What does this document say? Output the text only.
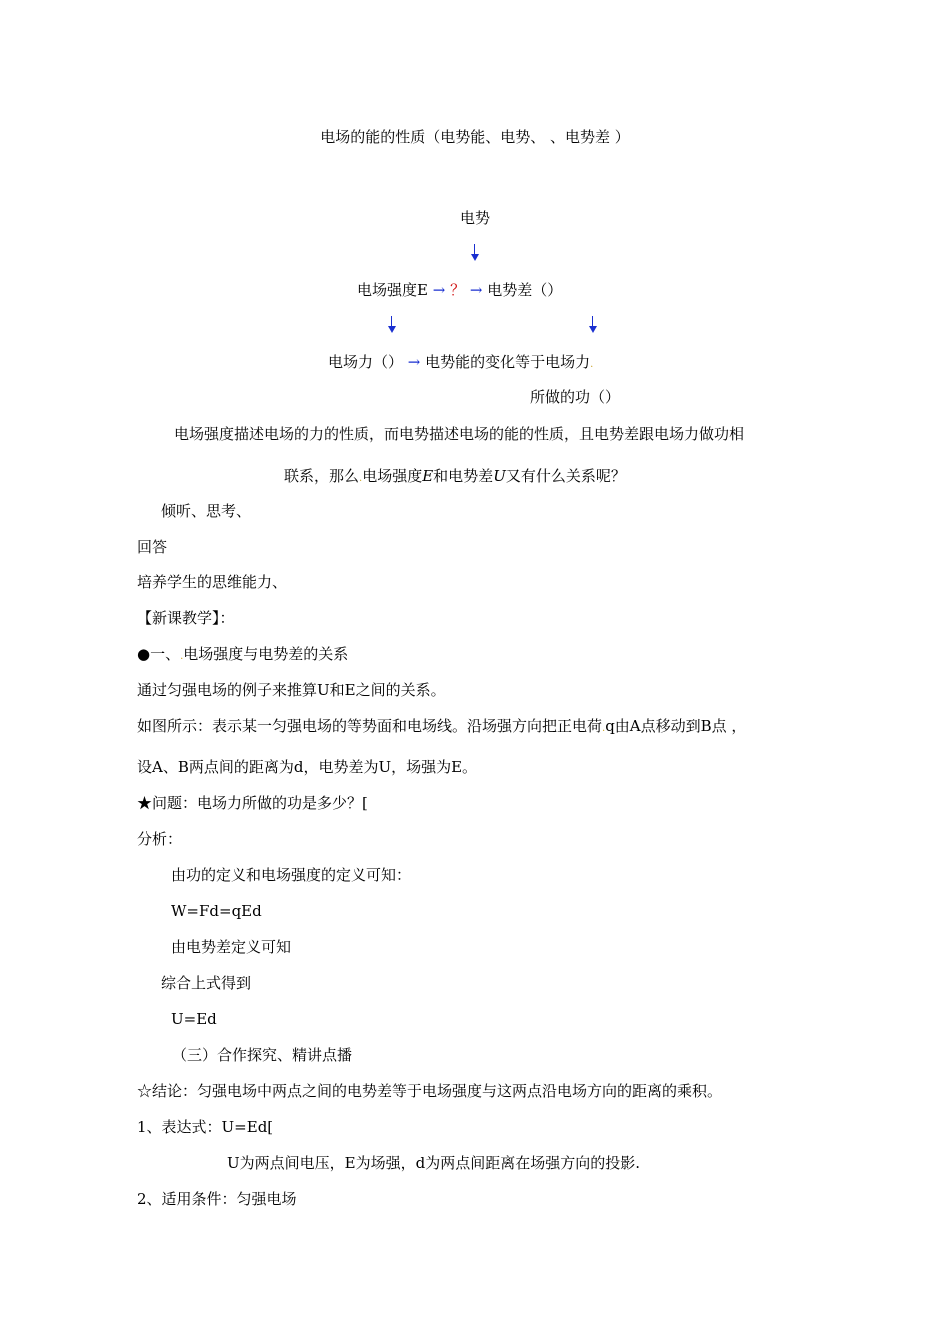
电场的能的性质（电势能、电势、 、电势差 ）
电势
电场强度E → ？ → 电势差（）
电场力（） → 电势能的变化等于电场力.
所做的功（）
电场强度描述电场的力的性质，而电势描述电场的能的性质，且电势差跟电场力做功相
联系，那么.电场强度E和电势差U又有什么关系呢？
倾听、思考、
回答
培养学生的思维能力、
【新课教学】：
●一、.电场强度与电势差的关系
通过匀强电场的例子来推算U和E之间的关系。
如图所示：表示某一匀强电场的等势面和电场线。沿场强方向把正电荷.q由A点移动到B点 ，
设A、B两点间的距离为d，电势差为U，场强为E。
★问题：电场力所做的功是多少？[
分析：
由功的定义和电场强度的定义可知：
W=Fd=qEd
由电势差定义可知
综合上式得到
U=Ed
（三）合作探究、精讲点播
☆结论：匀强电场中两点之间的电势差等于电场强度与这两点沿电场方向的距离的乘积。
1、表达式：U=Ed[
U为两点间电压，E为场强，d为两点间距离在场强方向的投影.
2、适用条件：匀强电场
